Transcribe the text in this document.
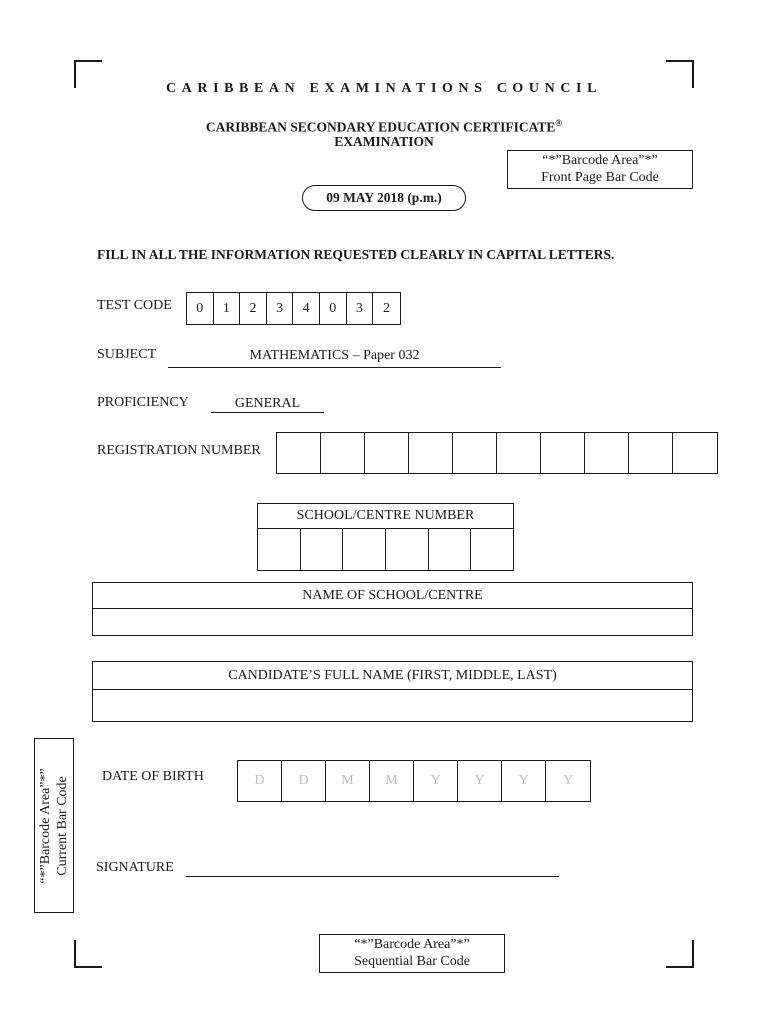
CARIBBEAN EXAMINATIONS COUNCIL
CARIBBEAN SECONDARY EDUCATION CERTIFICATE®
EXAMINATION
“*”Barcode Area”*”
Front Page Bar Code
09 MAY 2018 (p.m.)
FILL IN ALL THE INFORMATION REQUESTED CLEARLY IN CAPITAL LETTERS.
TEST CODE	0	1	2	3	4	0	3	2
SUBJECT	MATHEMATICS – Paper 032
PROFICIENCY	GENERAL
REGISTRATION NUMBER
SCHOOL/CENTRE NUMBER
NAME OF SCHOOL/CENTRE
CANDIDATE’S FULL NAME (FIRST, MIDDLE, LAST)
“*”Barcode Area”*” Current Bar Code DATE OF BIRTH	D	D	M	M	Y	Y	Y	Y
SIGNATURE
“*”Barcode Area”*”
Sequential Bar Code
